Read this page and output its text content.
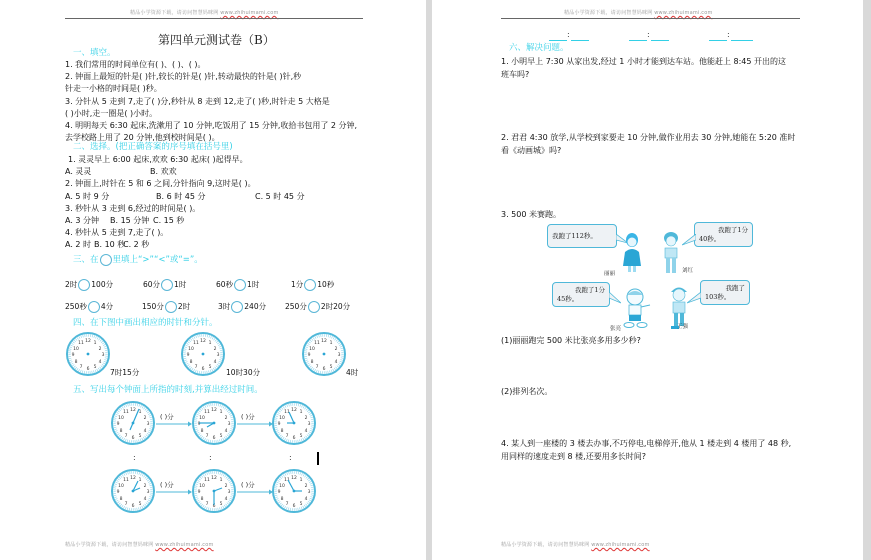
精品小学资源下载，请访问智慧妈咪网 www.zhihuimami.com
第四单元测试卷（B）
一、填空。
1. 我们常用的时间单位有( )、( )、( )。
2. 钟面上最短的针是( )针,较长的针是( )针,转动最快的针是( )针,秒
针走一小格的时间是( )秒。
3. 分针从 5 走到 7,走了( )分,秒针从 8 走到 12,走了( )秒,时针走 5 大格是
( )小时,走一圈是( )小时。
4. 明明每天 6:30 起床,洗漱用了 10 分钟,吃饭用了 15 分钟,收拾书包用了 2 分钟,
去学校路上用了 20 分钟,他到校时间是( )。
二、选择。(把正确答案的序号填在括号里)
1. 灵灵早上 6:00 起床,欢欢 6:30 起床( )起得早。
A. 灵灵	B. 欢欢
2. 钟面上,时针在 5 和 6 之间,分针指向 9,这时是( )。
A. 5 时 9 分	B. 6 时 45 分	C. 5 时 45 分
3. 秒针从 3 走到 6,经过的时间是( )。
A. 3 分钟 B. 15 分钟 C. 15 秒
4. 秒针从 5 走到 7,走了( )。
A. 2 时 B. 10 秒
C. 2 秒
三、在 里填上“>”“<”或“=”。
2时 100分	60分 1时	60秒 1时	1分 10秒
250秒 4分	150分 2时	3时 240分	250分 2时20分
四、在下图中画出相应的时针和分针。
12 1
2
3
4
5
6
7
8
9
10
11
7时15分	10时30分	4时
五、写出每个钟面上所指的时刻,并算出经过时间。
( )分	( )分
:	:	:
( )分	( )分
精品小学资源下载，请访问智慧妈咪网 www.zhihuimami.com
精品小学资源下载，请访问智慧妈咪网 www.zhihuimami.com
:	:	:
六、解决问题。
1. 小明早上 7:30 从家出发,经过 1 小时才能到达车站。他能赶上 8:45 开出的这
班车吗?
2. 君君 4:30 放学,从学校到家要走 10 分钟,做作业用去 30 分钟,她能在 5:20 准时
看《动画城》吗?
3. 500 米赛跑。
我跑了112秒。
丽丽
我跑了1分
40秒。
刘红
我跑了1分
45秒。
张亮
我跑了
103秒。
王强
(1)丽丽跑完 500 米比张亮多用多少秒?
(2)排列名次。
4. 某人到一座楼的 3 楼去办事,不巧停电,电梯停开,他从 1 楼走到 4 楼用了 48 秒,
用同样的速度走到 8 楼,还要用多长时间?
精品小学资源下载，请访问智慧妈咪网 www.zhihuimami.com
